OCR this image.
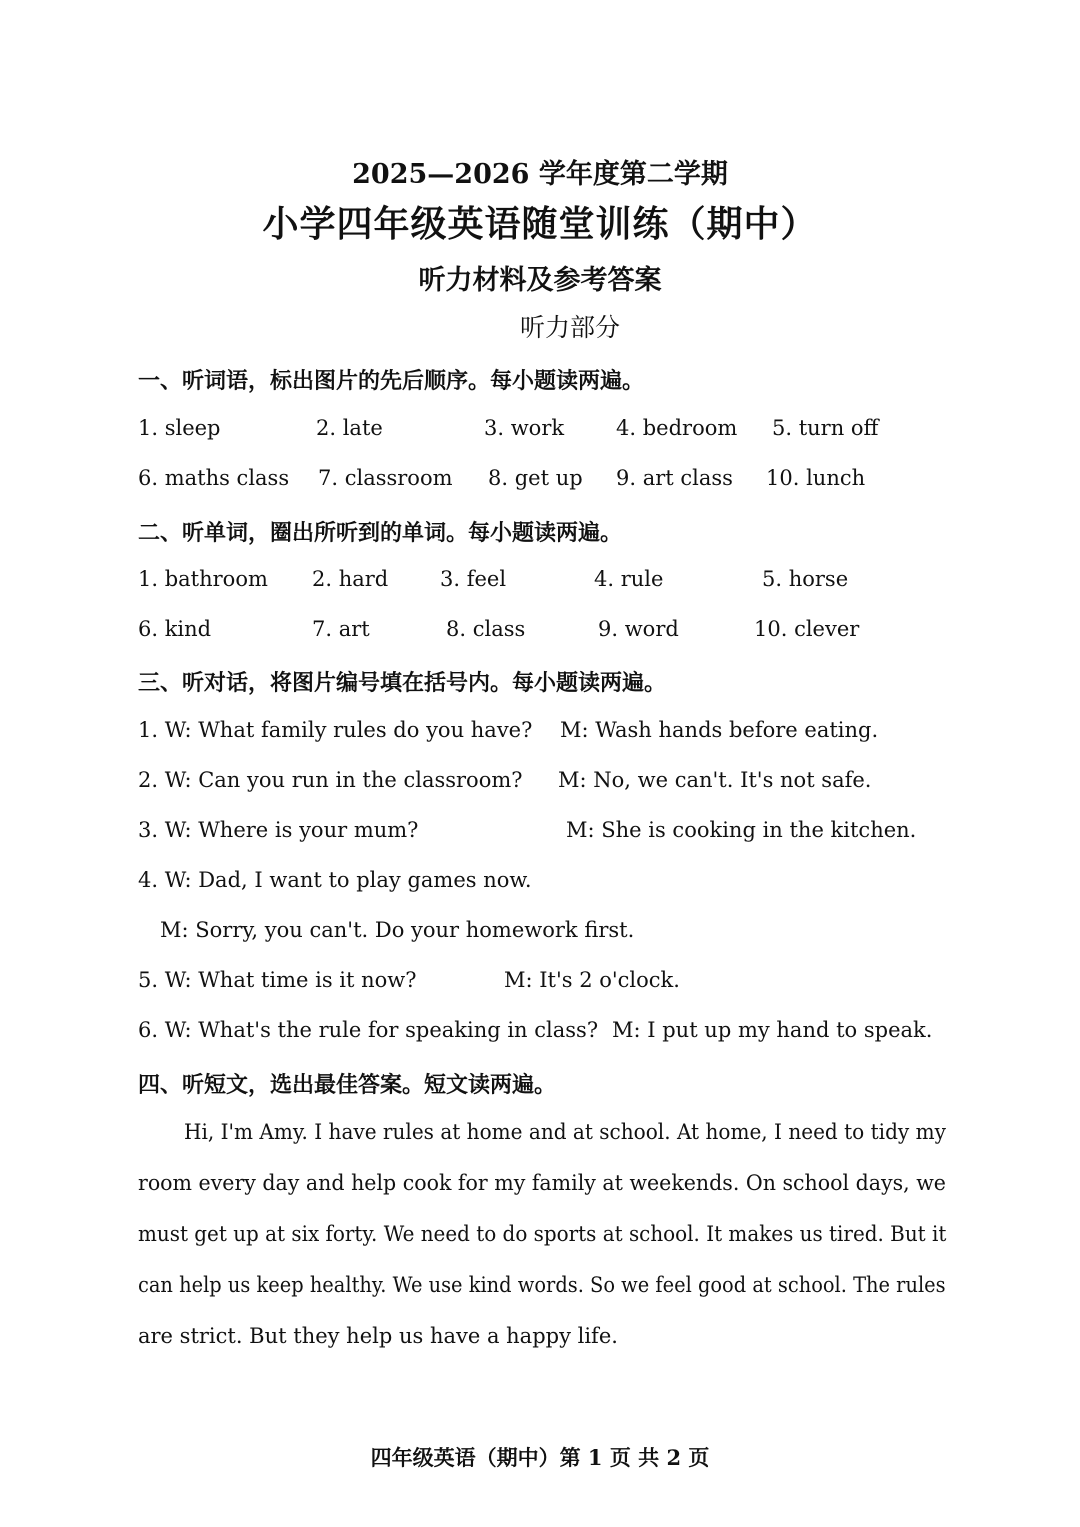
2025—2026 学年度第二学期
小学四年级英语随堂训练（期中）
听力材料及参考答案
听力部分
一、听词语，标出图片的先后顺序。每小题读两遍。
1. sleep	2. late	3. work 4. bedroom 5. turn off
6. maths class 7. classroom 8. get up 9. art class 10. lunch
二、听单词，圈出所听到的单词。每小题读两遍。
1. bathroom 2. hard 3. feel	4. rule	5. horse
6. kind	7. art	8. class	9. word	10. clever
三、听对话，将图片编号填在括号内。每小题读两遍。
1. W: What family rules do you have? M: Wash hands before eating.
2. W: Can you run in the classroom? M: No, we can't. It's not safe.
3. W: Where is your mum?	M: She is cooking in the kitchen.
4. W: Dad, I want to play games now.
M: Sorry, you can't. Do your homework first.
5. W: What time is it now?	M: It's 2 o'clock.
6. W: What's the rule for speaking in class? M: I put up my hand to speak.
四、听短文，选出最佳答案。短文读两遍。
Hi, I'm Amy. I have rules at home and at school. At home, I need to tidy my
room every day and help cook for my family at weekends. On school days, we
must get up at six forty. We need to do sports at school. It makes us tired. But it
can help us keep healthy. We use kind words. So we feel good at school. The rules
are strict. But they help us have a happy life.
四年级英语（期中）第 1 页 共 2 页
